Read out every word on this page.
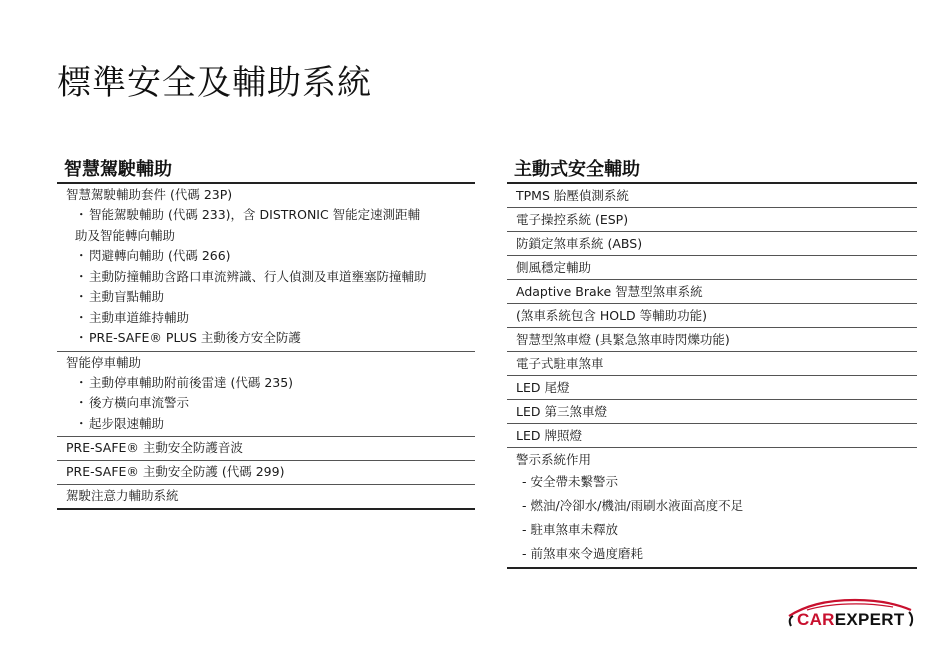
標準安全及輔助系統
智慧駕駛輔助
智慧駕駛輔助套件 (代碼 23P)
・智能駕駛輔助 (代碼 233)，含 DISTRONIC 智能定速測距輔
助及智能轉向輔助
・閃避轉向輔助 (代碼 266)
・主動防撞輔助含路口車流辨識、行人偵測及車道壅塞防撞輔助
・主動盲點輔助
・主動車道維持輔助
・PRE-SAFE® PLUS 主動後方安全防護
智能停車輔助
・主動停車輔助附前後雷達 (代碼 235)
・後方橫向車流警示
・起步限速輔助
PRE-SAFE® 主動安全防護音波
PRE-SAFE® 主動安全防護 (代碼 299)
駕駛注意力輔助系統
主動式安全輔助
TPMS 胎壓偵測系統
電子操控系統 (ESP)
防鎖定煞車系統 (ABS)
側風穩定輔助
Adaptive Brake 智慧型煞車系統
(煞車系統包含 HOLD 等輔助功能)
智慧型煞車燈 (具緊急煞車時閃爍功能)
電子式駐車煞車
LED 尾燈
LED 第三煞車燈
LED 牌照燈
警示系統作用
- 安全帶未繫警示
- 燃油/冷卻水/機油/雨刷水液面高度不足
- 駐車煞車未釋放
- 前煞車來令過度磨耗
CAREXPERT
